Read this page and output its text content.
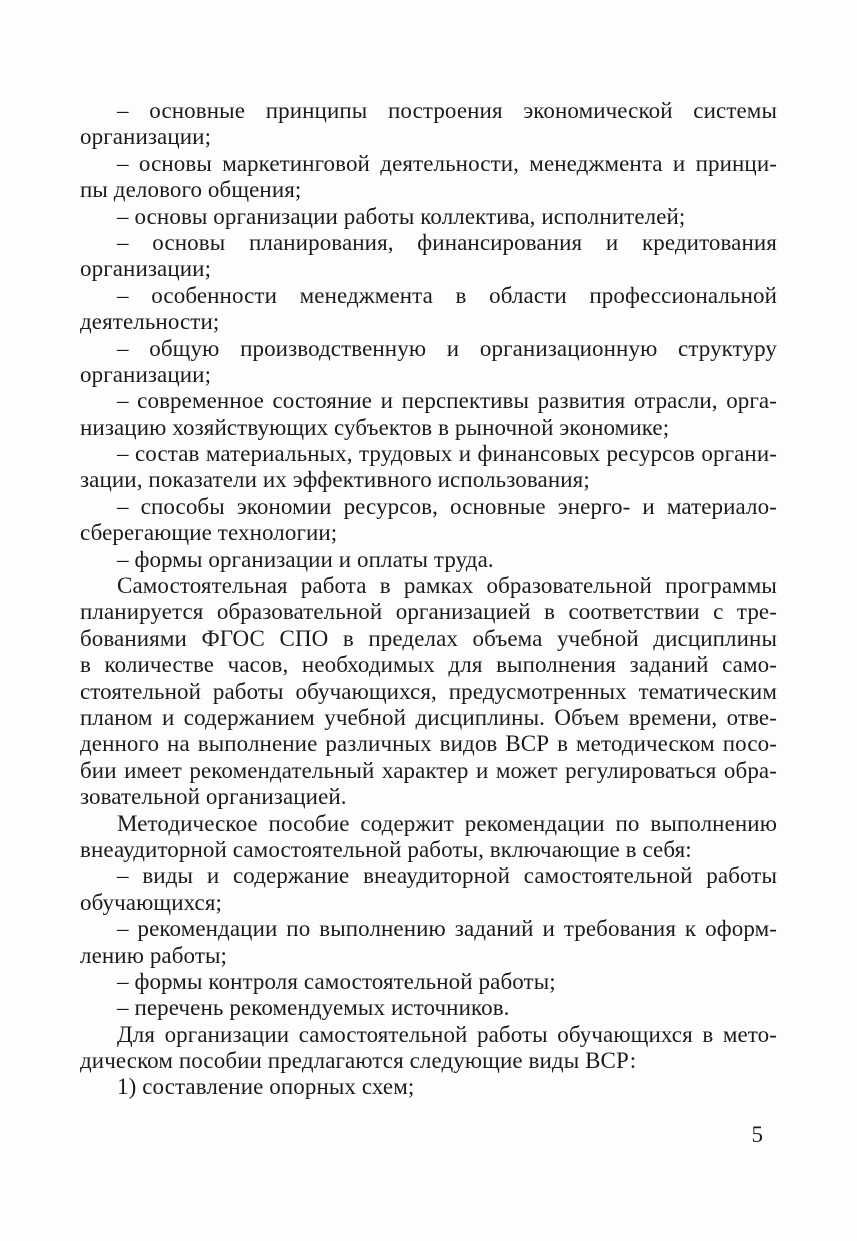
– основные принципы построения экономической системы
организации;
– основы маркетинговой деятельности, менеджмента и принци-
пы делового общения;
– основы организации работы коллектива, исполнителей;
– основы планирования, финансирования и кредитования
организации;
– особенности менеджмента в области профессиональной
деятельности;
– общую производственную и организационную структуру
организации;
– современное состояние и перспективы развития отрасли, орга-
низацию хозяйствующих субъектов в рыночной экономике;
– состав материальных, трудовых и финансовых ресурсов органи-
зации, показатели их эффективного использования;
– способы экономии ресурсов, основные энерго- и материало-
сберегающие технологии;
– формы организации и оплаты труда.
Самостоятельная работа в рамках образовательной программы
планируется образовательной организацией в соответствии с тре-
бованиями ФГОС СПО в пределах объема учебной дисциплины
в количестве часов, необходимых для выполнения заданий само-
стоятельной работы обучающихся, предусмотренных тематическим
планом и содержанием учебной дисциплины. Объем времени, отве-
денного на выполнение различных видов ВСР в методическом посо-
бии имеет рекомендательный характер и может регулироваться обра-
зовательной организацией.
Методическое пособие содержит рекомендации по выполнению
внеаудиторной самостоятельной работы, включающие в себя:
– виды и содержание внеаудиторной самостоятельной работы
обучающихся;
– рекомендации по выполнению заданий и требования к оформ-
лению работы;
– формы контроля самостоятельной работы;
– перечень рекомендуемых источников.
Для организации самостоятельной работы обучающихся в мето-
дическом пособии предлагаются следующие виды ВСР:
1) составление опорных схем;
5
